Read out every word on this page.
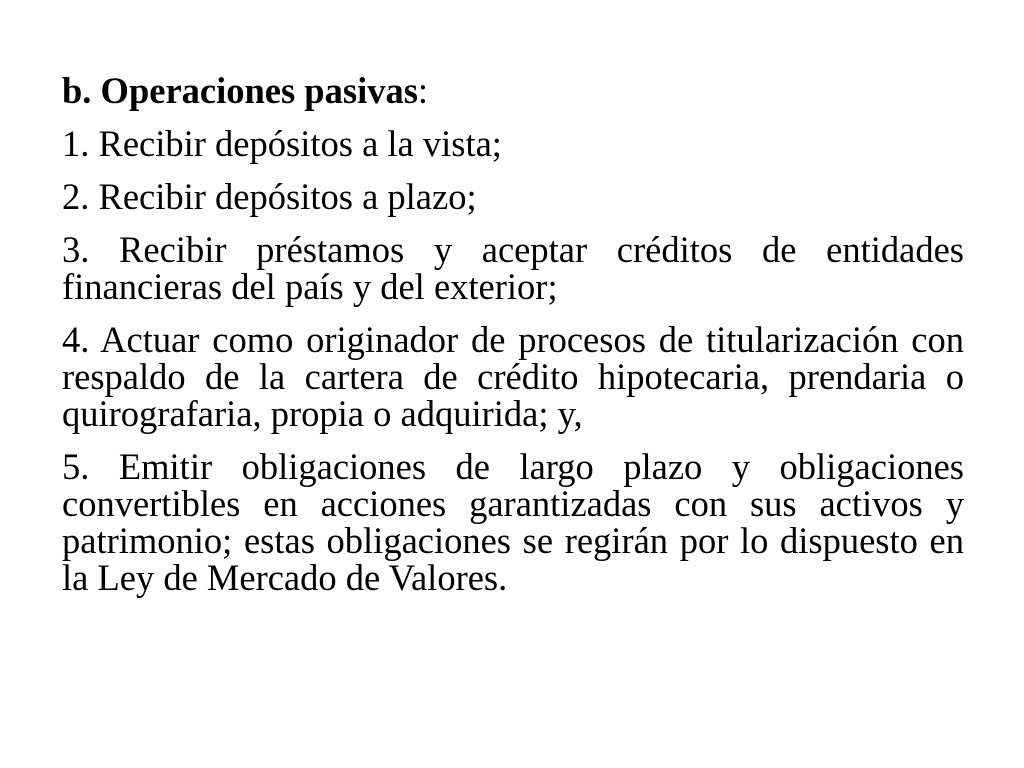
b. Operaciones pasivas:

1. Recibir depósitos a la vista;

2. Recibir depósitos a plazo;

3. Recibir préstamos y aceptar créditos de entidades financieras del país y del exterior;

4. Actuar como originador de procesos de titularización con respaldo de la cartera de crédito hipotecaria, prendaria o quirografaria, propia o adquirida; y,

5. Emitir obligaciones de largo plazo y obligaciones convertibles en acciones garantizadas con sus activos y patrimonio; estas obligaciones se regirán por lo dispuesto en la Ley de Mercado de Valores.
